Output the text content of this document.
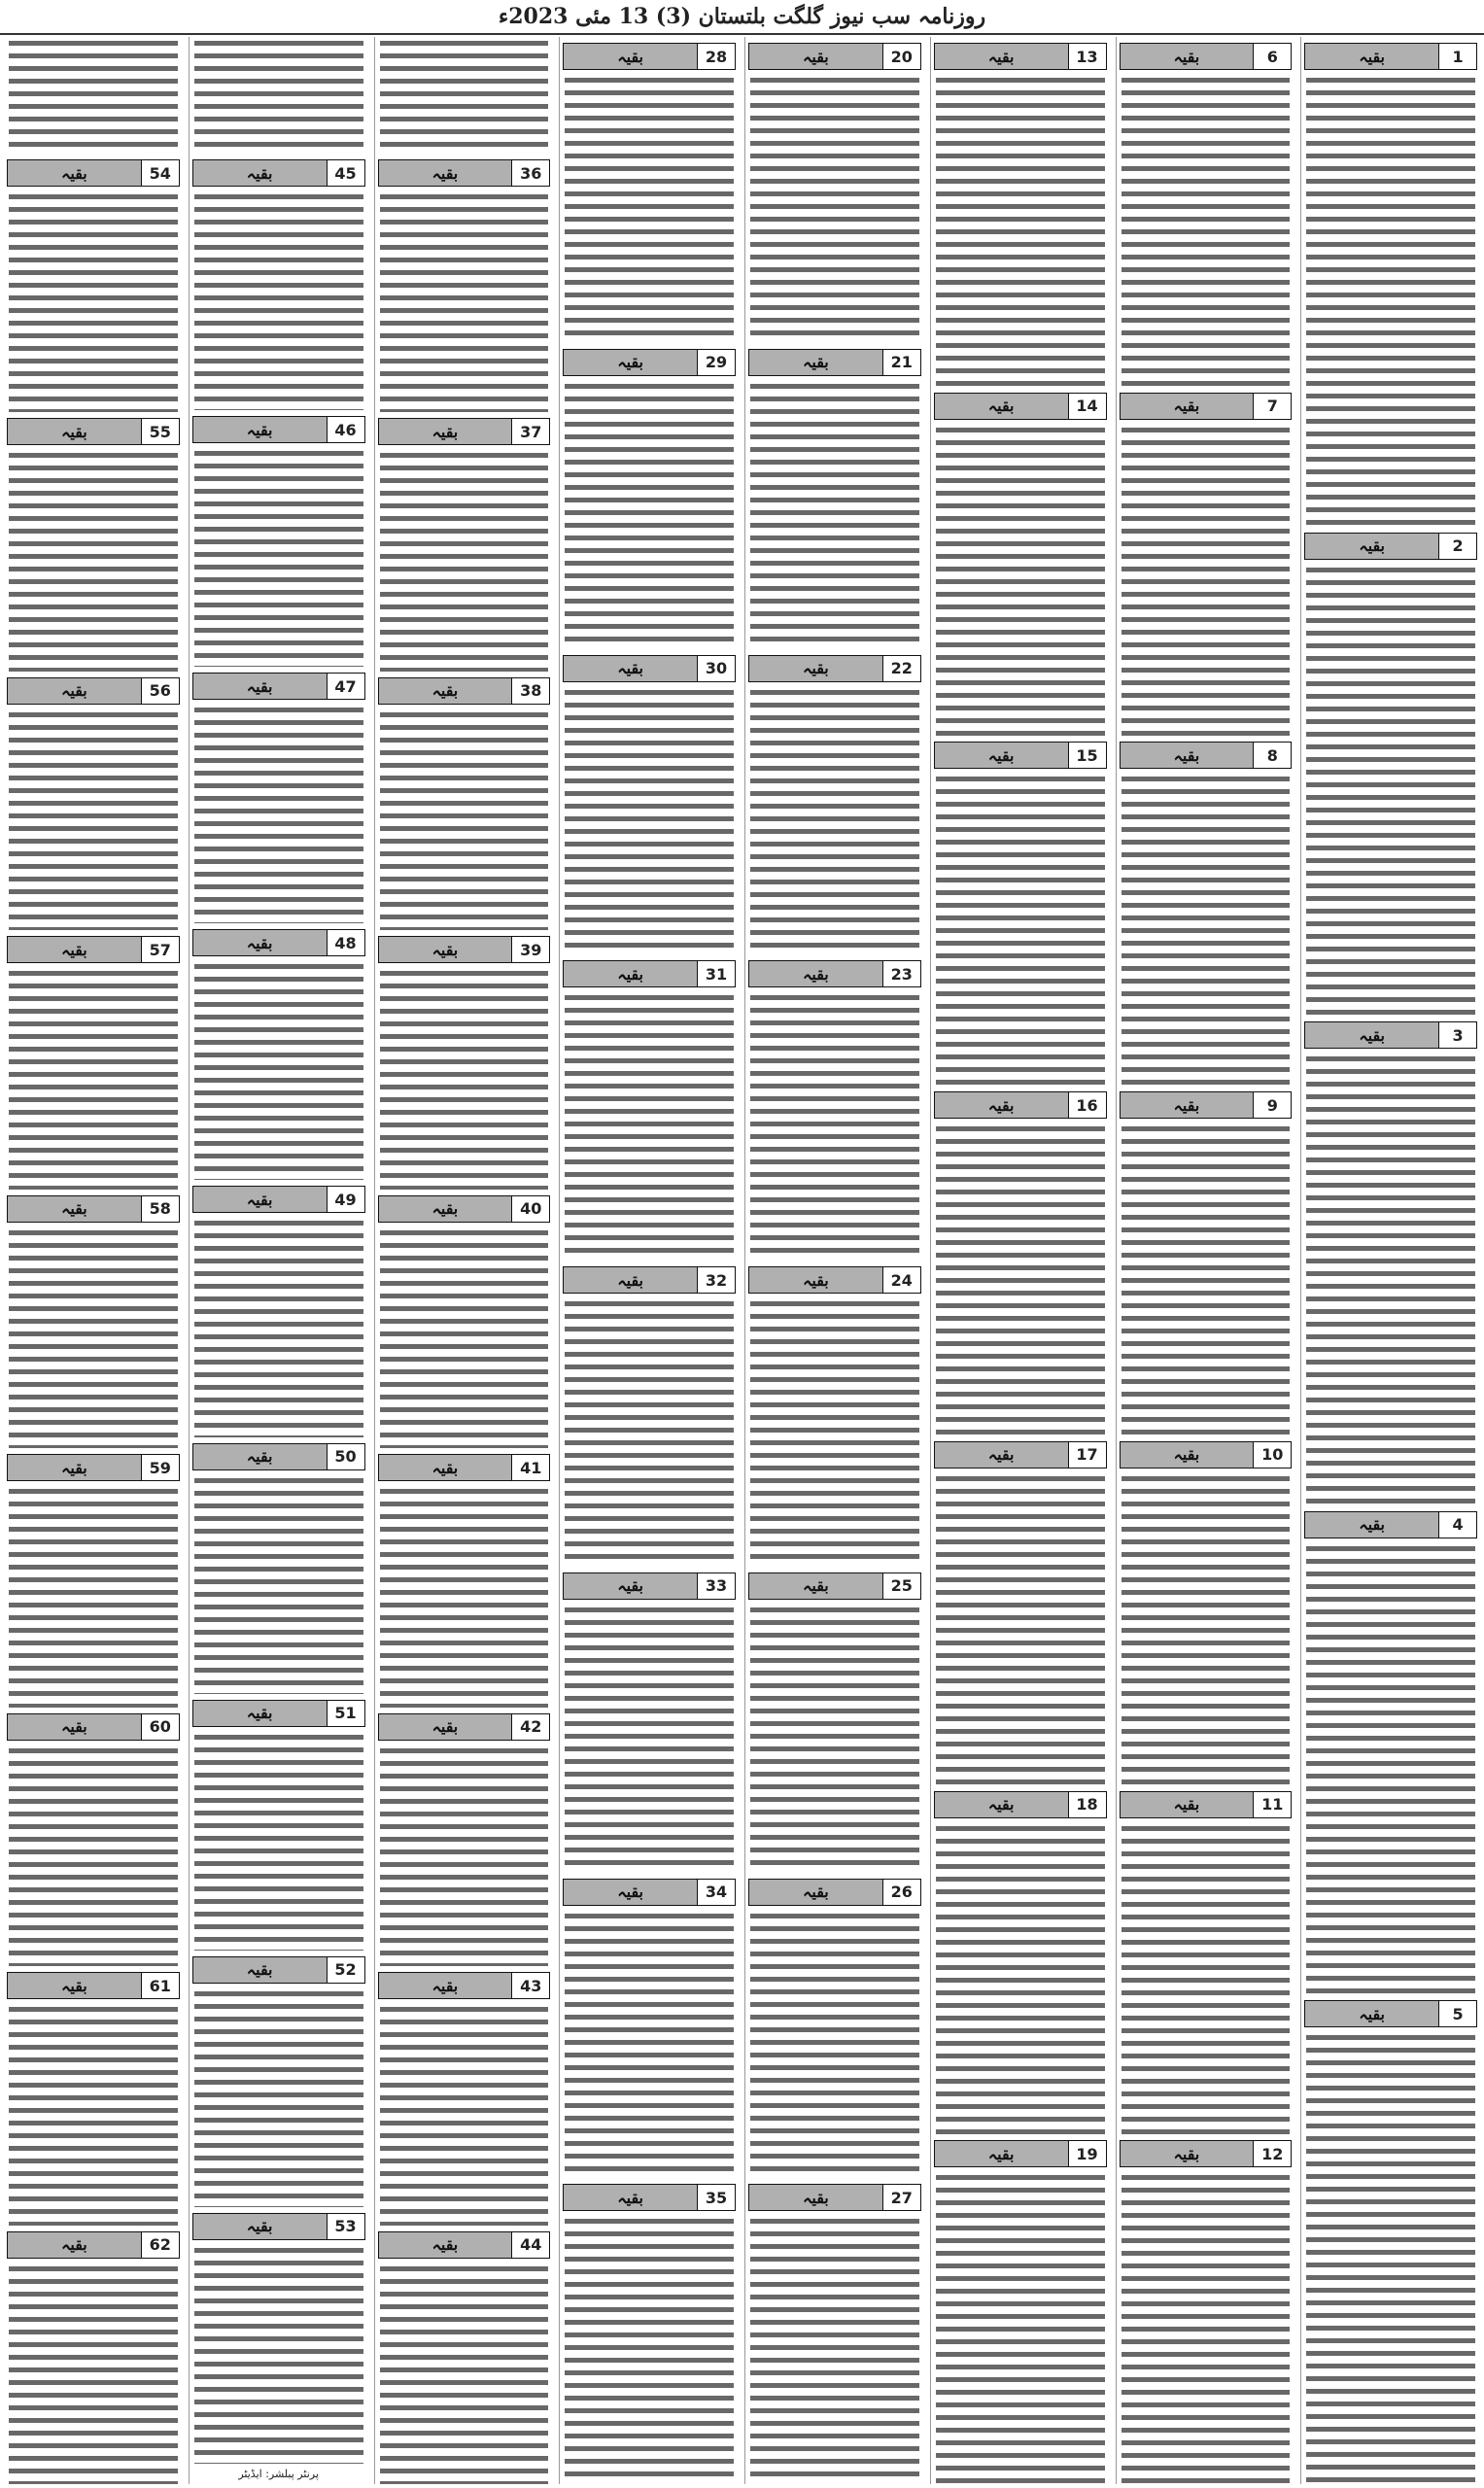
روزنامہ سب نیوز گلگت بلتستان (3) 13 مئی 2023ء
1
بقیہ
2
بقیہ
3
بقیہ
4
بقیہ
5
بقیہ
6
بقیہ
7
بقیہ
8
بقیہ
9
بقیہ
10
بقیہ
11
بقیہ
12
بقیہ
13
بقیہ
14
بقیہ
15
بقیہ
16
بقیہ
17
بقیہ
18
بقیہ
19
بقیہ
20
بقیہ
21
بقیہ
22
بقیہ
23
بقیہ
24
بقیہ
25
بقیہ
26
بقیہ
27
بقیہ
28
بقیہ
29
بقیہ
30
بقیہ
31
بقیہ
32
بقیہ
33
بقیہ
34
بقیہ
35
بقیہ
36
بقیہ
37
بقیہ
38
بقیہ
39
بقیہ
40
بقیہ
41
بقیہ
42
بقیہ
43
بقیہ
44
بقیہ
45
بقیہ
46
بقیہ
47
بقیہ
48
بقیہ
49
بقیہ
50
بقیہ
51
بقیہ
52
بقیہ
53
بقیہ
پرنٹر پبلشر: ایڈیٹر
54
بقیہ
55
بقیہ
56
بقیہ
57
بقیہ
58
بقیہ
59
بقیہ
60
بقیہ
61
بقیہ
62
بقیہ
